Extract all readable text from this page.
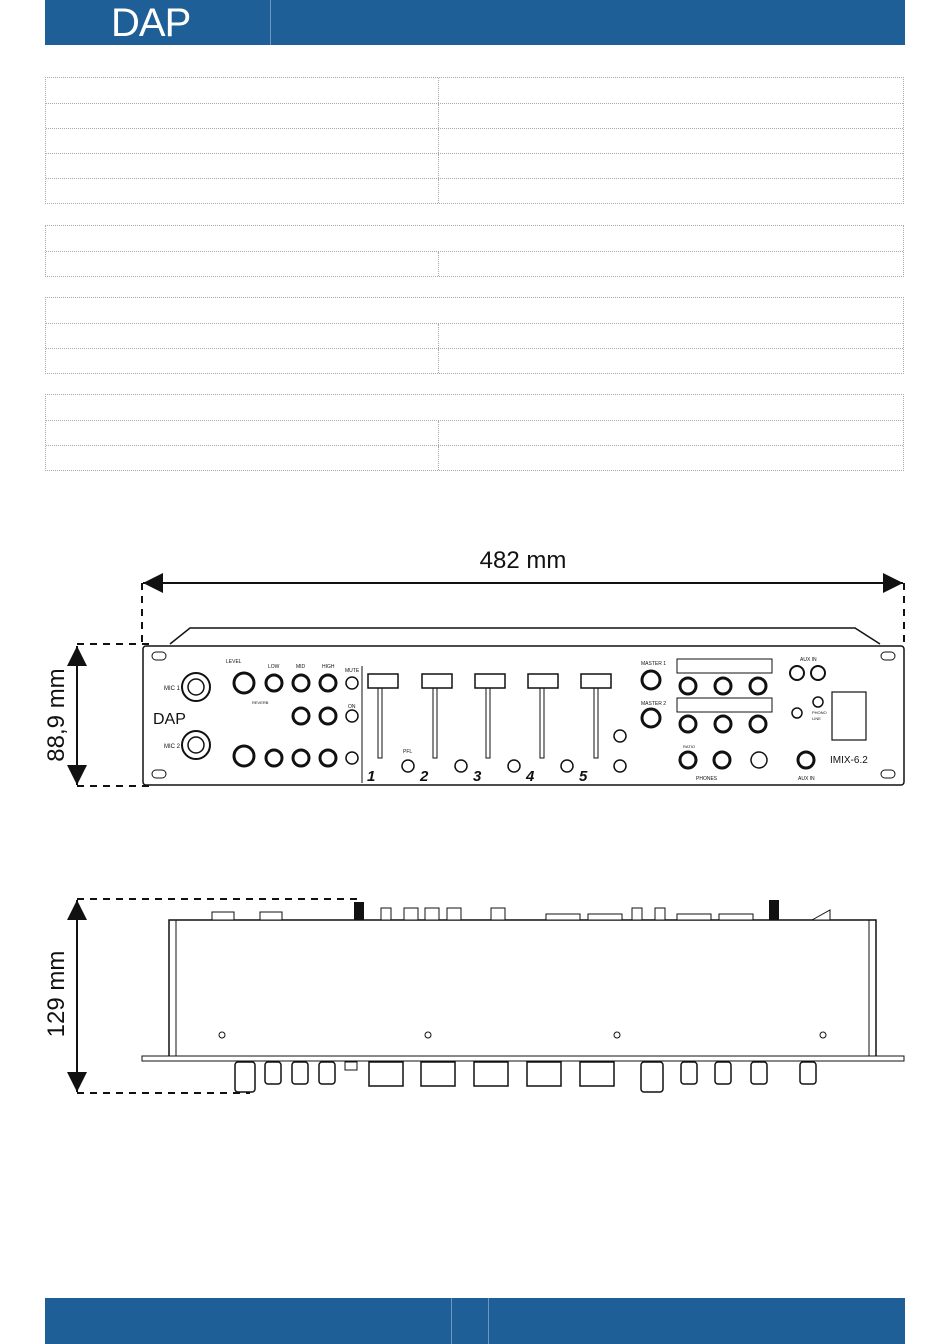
DAP
482 mm
88,9 mm	MIC 1
MIC 2
DAP
LEVEL
LOW	MID	HIGH
MUTE
REVERB
ON
1	2	3	4	5
PFL
MASTER 1
MASTER 2
RATIO
PHONES
AUX IN
PHONO
LINE
AUX IN
IMIX-6.2
129 mm
